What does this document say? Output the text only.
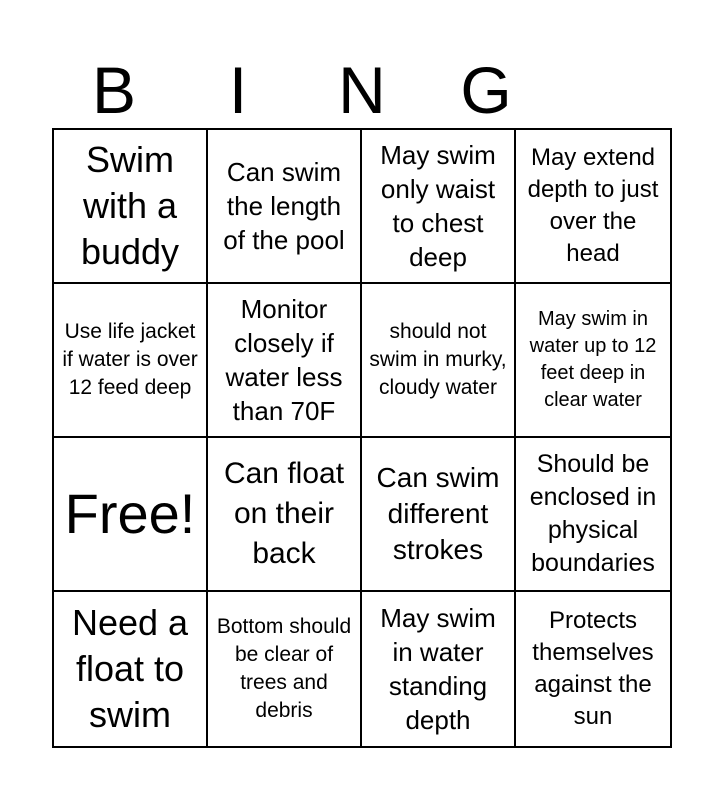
B	I	N	G
Swim with a buddy
Can swim the length of the pool
May swim only waist to chest deep
May extend depth to just over the head
Use life jacket if water is over 12 feed deep
Monitor closely if water less than 70F
should not swim in murky, cloudy water
May swim in water up to 12 feet deep in clear water
Free!
Can float on their back
Can swim different strokes
Should be enclosed in physical boundaries
Need a float to swim
Bottom should be clear of trees and debris
May swim in water standing depth
Protects themselves against the sun
